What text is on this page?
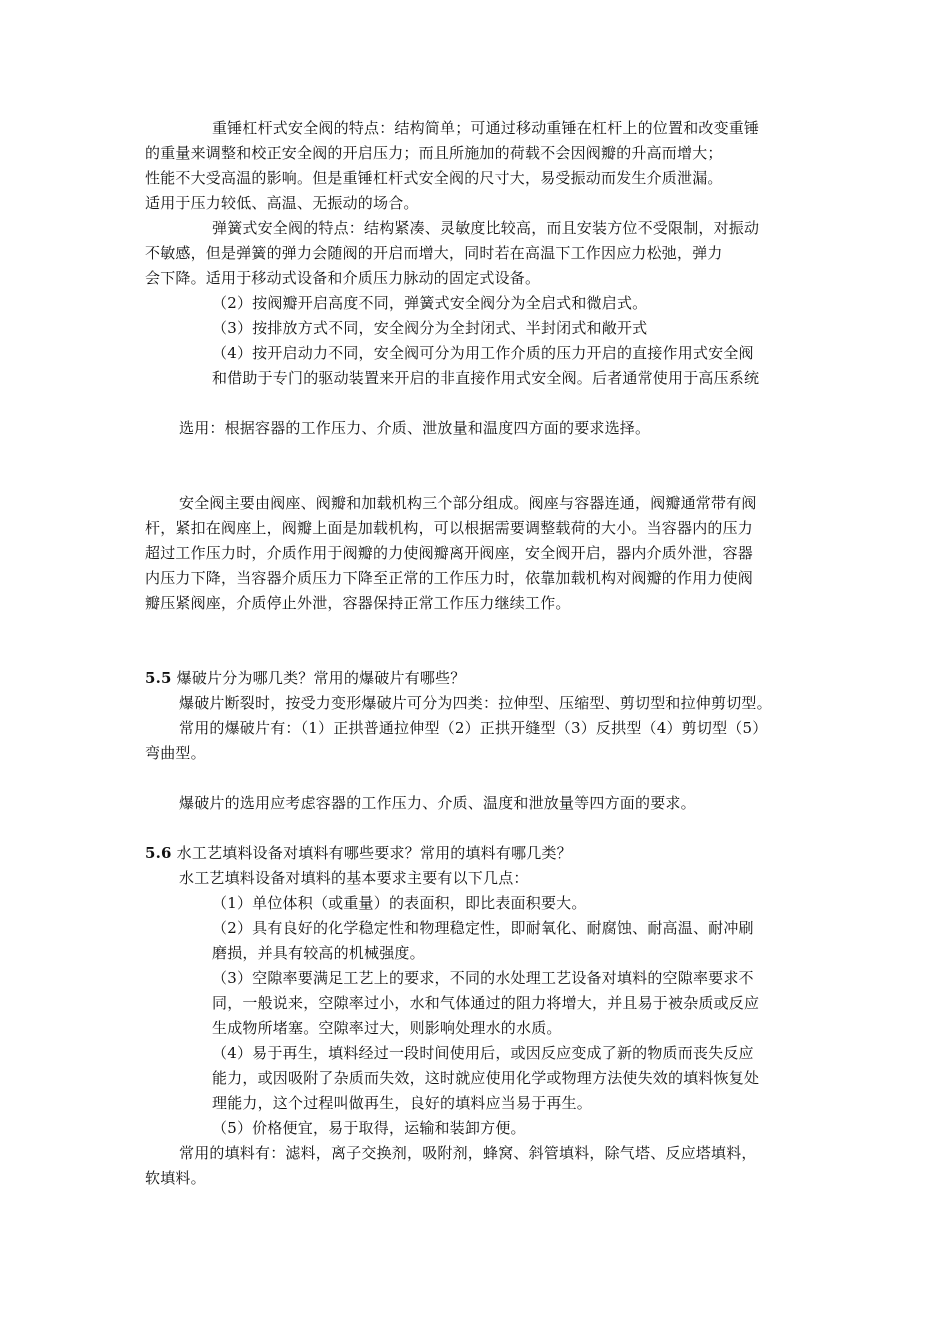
重锤杠杆式安全阀的特点：结构简单；可通过移动重锤在杠杆上的位置和改变重锤
的重量来调整和校正安全阀的开启压力；而且所施加的荷载不会因阀瓣的升高而增大；
性能不大受高温的影响。但是重锤杠杆式安全阀的尺寸大，易受振动而发生介质泄漏。
适用于压力较低、高温、无振动的场合。
弹簧式安全阀的特点：结构紧凑、灵敏度比较高，而且安装方位不受限制，对振动
不敏感，但是弹簧的弹力会随阀的开启而增大，同时若在高温下工作因应力松弛，弹力
会下降。适用于移动式设备和介质压力脉动的固定式设备。
（2）按阀瓣开启高度不同，弹簧式安全阀分为全启式和微启式。
（3）按排放方式不同，安全阀分为全封闭式、半封闭式和敞开式
（4）按开启动力不同，安全阀可分为用工作介质的压力开启的直接作用式安全阀
和借助于专门的驱动装置来开启的非直接作用式安全阀。后者通常使用于高压系统
选用：根据容器的工作压力、介质、泄放量和温度四方面的要求选择。
安全阀主要由阀座、阀瓣和加载机构三个部分组成。阀座与容器连通，阀瓣通常带有阀
杆，紧扣在阀座上，阀瓣上面是加载机构，可以根据需要调整载荷的大小。当容器内的压力
超过工作压力时，介质作用于阀瓣的力使阀瓣离开阀座，安全阀开启，器内介质外泄，容器
内压力下降，当容器介质压力下降至正常的工作压力时，依靠加载机构对阀瓣的作用力使阀
瓣压紧阀座，介质停止外泄，容器保持正常工作压力继续工作。
5.5 爆破片分为哪几类？常用的爆破片有哪些？
爆破片断裂时，按受力变形爆破片可分为四类：拉伸型、压缩型、剪切型和拉伸剪切型。
常用的爆破片有：（1）正拱普通拉伸型（2）正拱开缝型（3）反拱型（4）剪切型（5）
弯曲型。
爆破片的选用应考虑容器的工作压力、介质、温度和泄放量等四方面的要求。
5.6 水工艺填料设备对填料有哪些要求？常用的填料有哪几类？
水工艺填料设备对填料的基本要求主要有以下几点：
（1）单位体积（或重量）的表面积，即比表面积要大。
（2）具有良好的化学稳定性和物理稳定性，即耐氧化、耐腐蚀、耐高温、耐冲刷
磨损，并具有较高的机械强度。
（3）空隙率要满足工艺上的要求，不同的水处理工艺设备对填料的空隙率要求不
同，一般说来，空隙率过小，水和气体通过的阻力将增大，并且易于被杂质或反应
生成物所堵塞。空隙率过大，则影响处理水的水质。
（4）易于再生，填料经过一段时间使用后，或因反应变成了新的物质而丧失反应
能力，或因吸附了杂质而失效，这时就应使用化学或物理方法使失效的填料恢复处
理能力，这个过程叫做再生，良好的填料应当易于再生。
（5）价格便宜，易于取得，运输和装卸方便。
常用的填料有：滤料，离子交换剂，吸附剂，蜂窝、斜管填料，除气塔、反应塔填料，
软填料。
